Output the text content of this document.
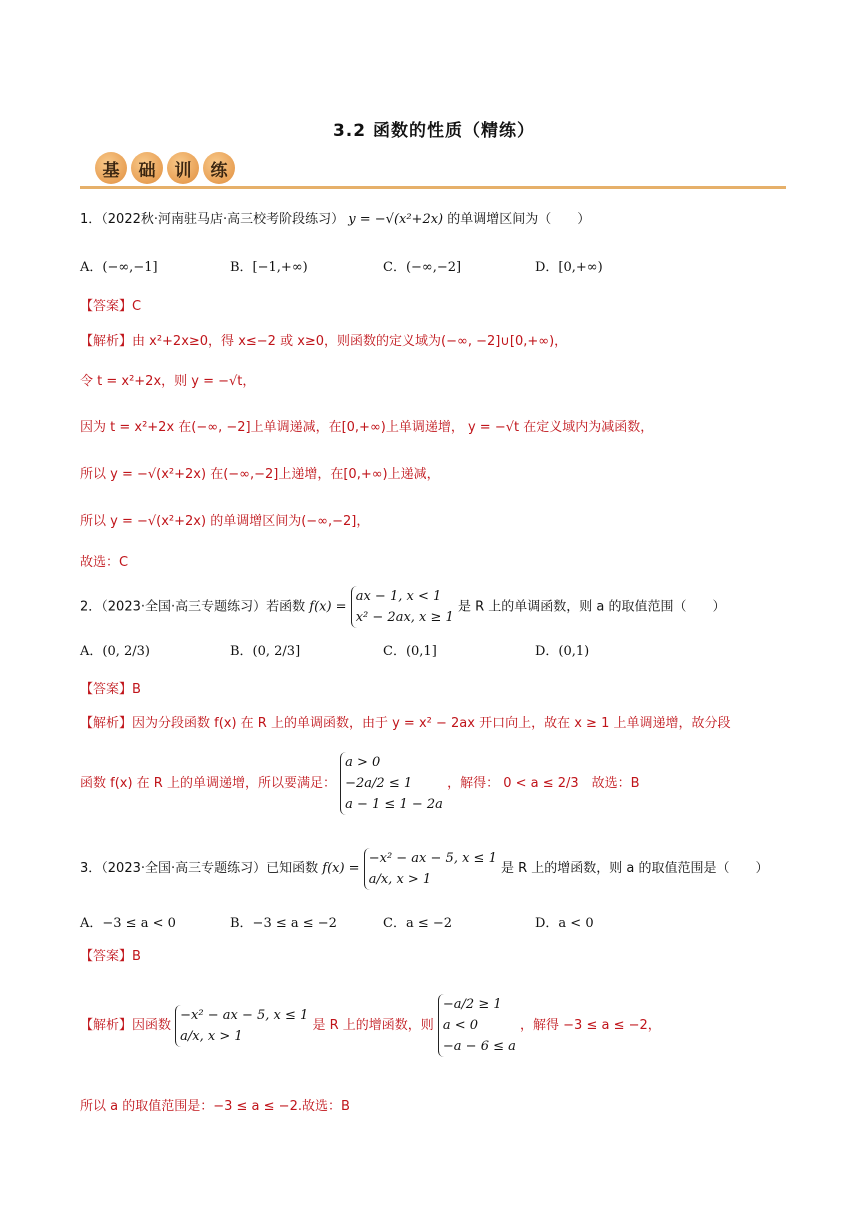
3.2 函数的性质（精练）
基	础	训	练
1．（2022秋·河南驻马店·高三校考阶段练习） y = −√(x²+2x) 的单调增区间为（　　）
A．(−∞,−1]	B．[−1,+∞)	C．(−∞,−2]	D．[0,+∞)
【答案】C
【解析】由 x²+2x≥0，得 x≤−2 或 x≥0，则函数的定义域为(−∞, −2]∪[0,+∞)，
令 t = x²+2x，则 y = −√t，
因为 t = x²+2x 在(−∞, −2]上单调递减，在[0,+∞)上单调递增， y = −√t 在定义域内为减函数，
所以 y = −√(x²+2x) 在(−∞,−2]上递增，在[0,+∞)上递减，
所以 y = −√(x²+2x) 的单调增区间为(−∞,−2]，
故选：C
2．（2023·全国·高三专题练习）若函数 f(x) =
ax − 1, x < 1
x² − 2ax, x ≥ 1
是 R 上的单调函数，则 a 的取值范围（　　）
A．(0, 2/3)	B．(0, 2/3]	C．(0,1]	D．(0,1)
【答案】B
【解析】因为分段函数 f(x) 在 R 上的单调函数，由于 y = x² − 2ax 开口向上，故在 x ≥ 1 上单调递增，故分段
函数 f(x) 在 R 上的单调递增，所以要满足：
a > 0
−2a/2 ≤ 1
a − 1 ≤ 1 − 2a
，解得： 0 < a ≤ 2/3　故选：B
3．（2023·全国·高三专题练习）已知函数 f(x) =
−x² − ax − 5, x ≤ 1
a/x, x > 1
是 R 上的增函数，则 a 的取值范围是（　　）
A．−3 ≤ a < 0	B．−3 ≤ a ≤ −2	C．a ≤ −2	D．a < 0
【答案】B
【解析】因函数
−x² − ax − 5, x ≤ 1
a/x, x > 1
是 R 上的增函数，则
−a/2 ≥ 1
a < 0
−a − 6 ≤ a
，解得 −3 ≤ a ≤ −2，
所以 a 的取值范围是：−3 ≤ a ≤ −2.故选：B
